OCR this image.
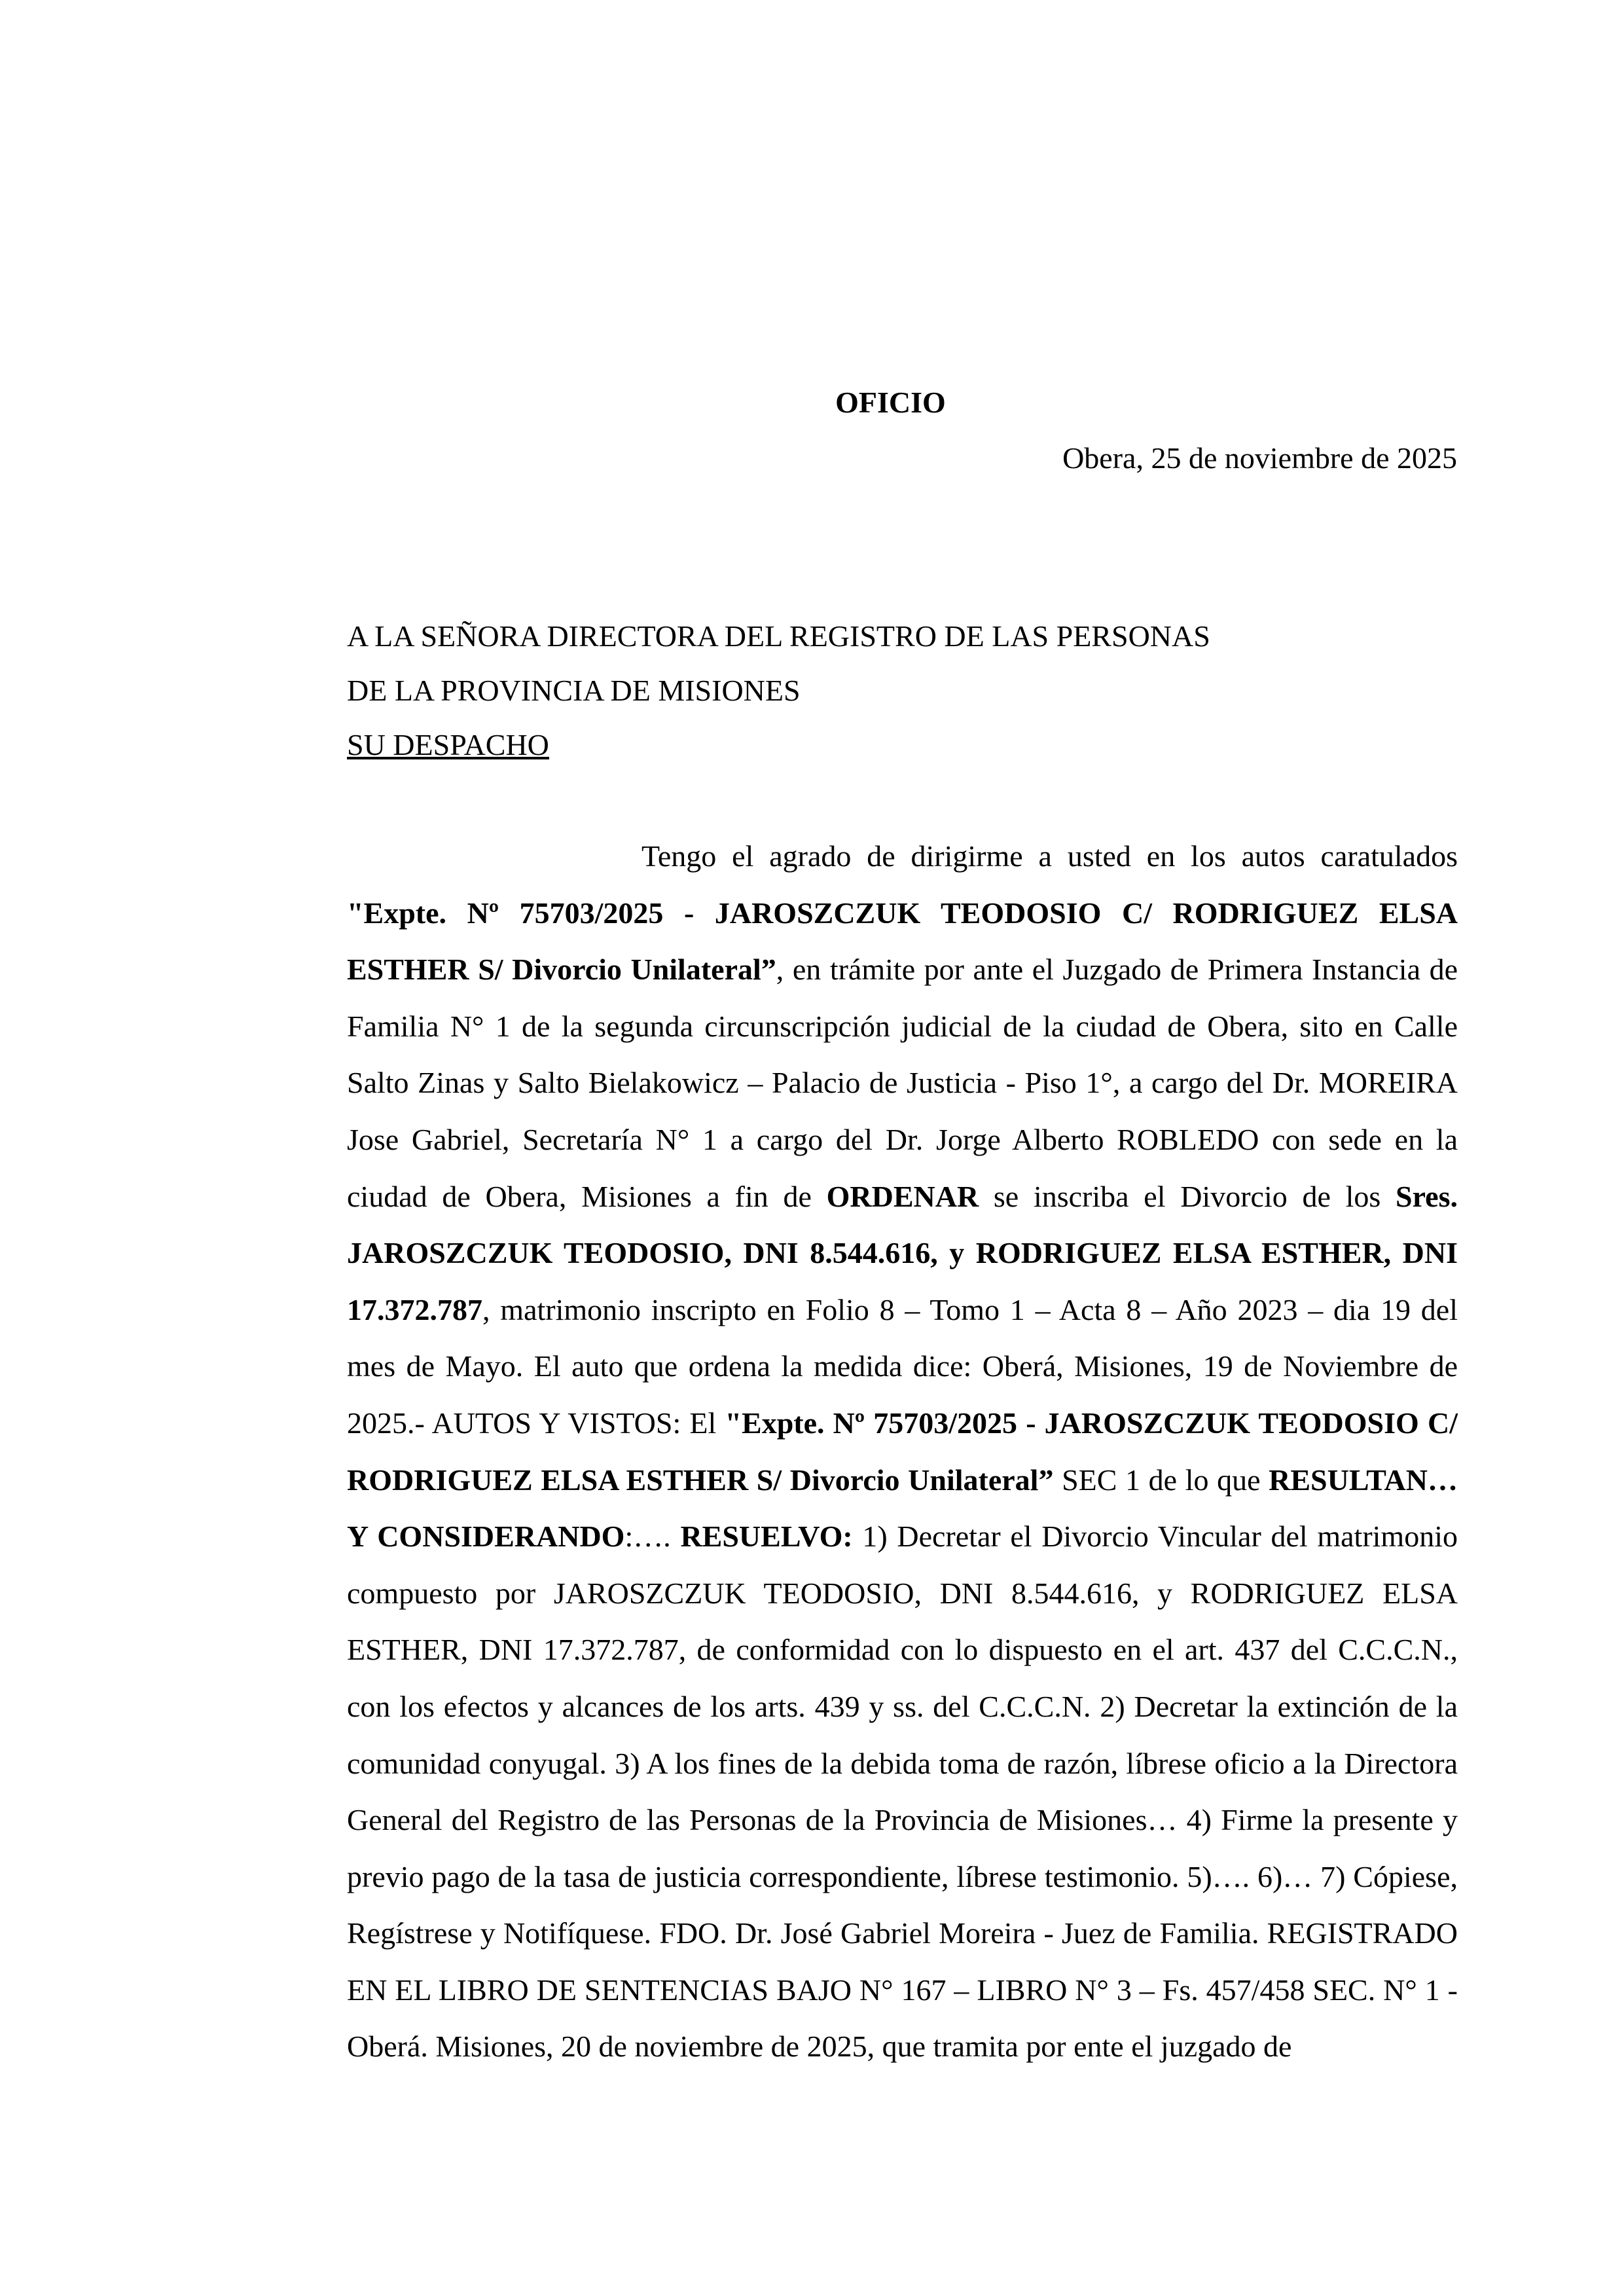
OFICIO
Obera, 25 de noviembre de 2025
A LA SEÑORA DIRECTORA DEL REGISTRO DE LAS PERSONAS
DE LA PROVINCIA DE MISIONES
SU DESPACHO

Tengo el agrado de dirigirme a usted en los autos caratulados "Expte. Nº 75703/2025 - JAROSZCZUK TEODOSIO C/ RODRIGUEZ ELSA ESTHER S/ Divorcio Unilateral”, en trámite por ante el Juzgado de Primera Instancia de Familia N° 1 de la segunda circunscripción judicial de la ciudad de Obera, sito en Calle Salto Zinas y Salto Bielakowicz – Palacio de Justicia - Piso 1°, a cargo del Dr. MOREIRA Jose Gabriel, Secretaría N° 1 a cargo del Dr. Jorge Alberto ROBLEDO con sede en la ciudad de Obera, Misiones a fin de ORDENAR se inscriba el Divorcio de los Sres. JAROSZCZUK TEODOSIO, DNI 8.544.616, y RODRIGUEZ ELSA ESTHER, DNI 17.372.787, matrimonio inscripto en Folio 8 – Tomo 1 – Acta 8 – Año 2023 – dia 19 del mes de Mayo. El auto que ordena la medida dice: Oberá, Misiones, 19 de Noviembre de 2025.- AUTOS Y VISTOS: El "Expte. Nº 75703/2025 - JAROSZCZUK TEODOSIO C/ RODRIGUEZ ELSA ESTHER S/ Divorcio Unilateral” SEC 1 de lo que RESULTAN… Y CONSIDERANDO:…. RESUELVO: 1) Decretar el Divorcio Vincular del matrimonio compuesto por JAROSZCZUK TEODOSIO, DNI 8.544.616, y RODRIGUEZ ELSA ESTHER, DNI 17.372.787, de conformidad con lo dispuesto en el art. 437 del C.C.C.N., con los efectos y alcances de los arts. 439 y ss. del C.C.C.N. 2) Decretar la extinción de la comunidad conyugal. 3) A los fines de la debida toma de razón, líbrese oficio a la Directora General del Registro de las Personas de la Provincia de Misiones… 4) Firme la presente y previo pago de la tasa de justicia correspondiente, líbrese testimonio. 5)…. 6)… 7) Cópiese, Regístrese y Notifíquese. FDO. Dr. José Gabriel Moreira - Juez de Familia. REGISTRADO EN EL LIBRO DE SENTENCIAS BAJO N° 167 – LIBRO N° 3 – Fs. 457/458 SEC. N° 1 - Oberá. Misiones, 20 de noviembre de 2025, que tramita por ente el juzgado de
